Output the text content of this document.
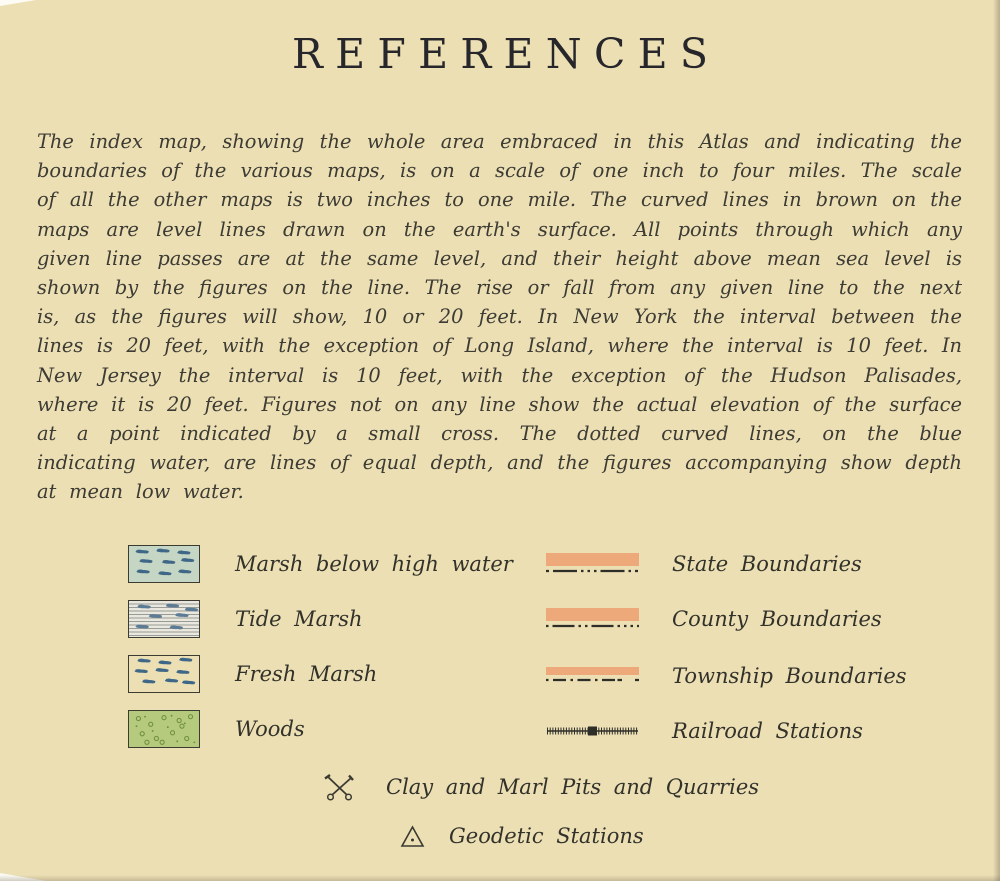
REFERENCES

The index map, showing the whole area embraced in this Atlas and indicating the boundaries of the various maps, is on a scale of one inch to four miles. The scale of all the other maps is two inches to one mile. The curved lines in brown on the maps are level lines drawn on the earth's surface. All points through which any given line passes are at the same level, and their height above mean sea level is shown by the figures on the line. The rise or fall from any given line to the next is, as the figures will show, 10 or 20 feet. In New York the interval between the lines is 20 feet, with the exception of Long Island, where the interval is 10 feet. In New Jersey the interval is 10 feet, with the exception of the Hudson Palisades, where it is 20 feet. Figures not on any line show the actual elevation of the surface at a point indicated by a small cross. The dotted curved lines, on the blue indicating water, are lines of equal depth, and the figures accompanying show depth at mean low water.

Marsh below high water
Tide Marsh
Fresh Marsh
Woods
State Boundaries
County Boundaries
Township Boundaries
Railroad Stations
Clay and Marl Pits and Quarries
Geodetic Stations
